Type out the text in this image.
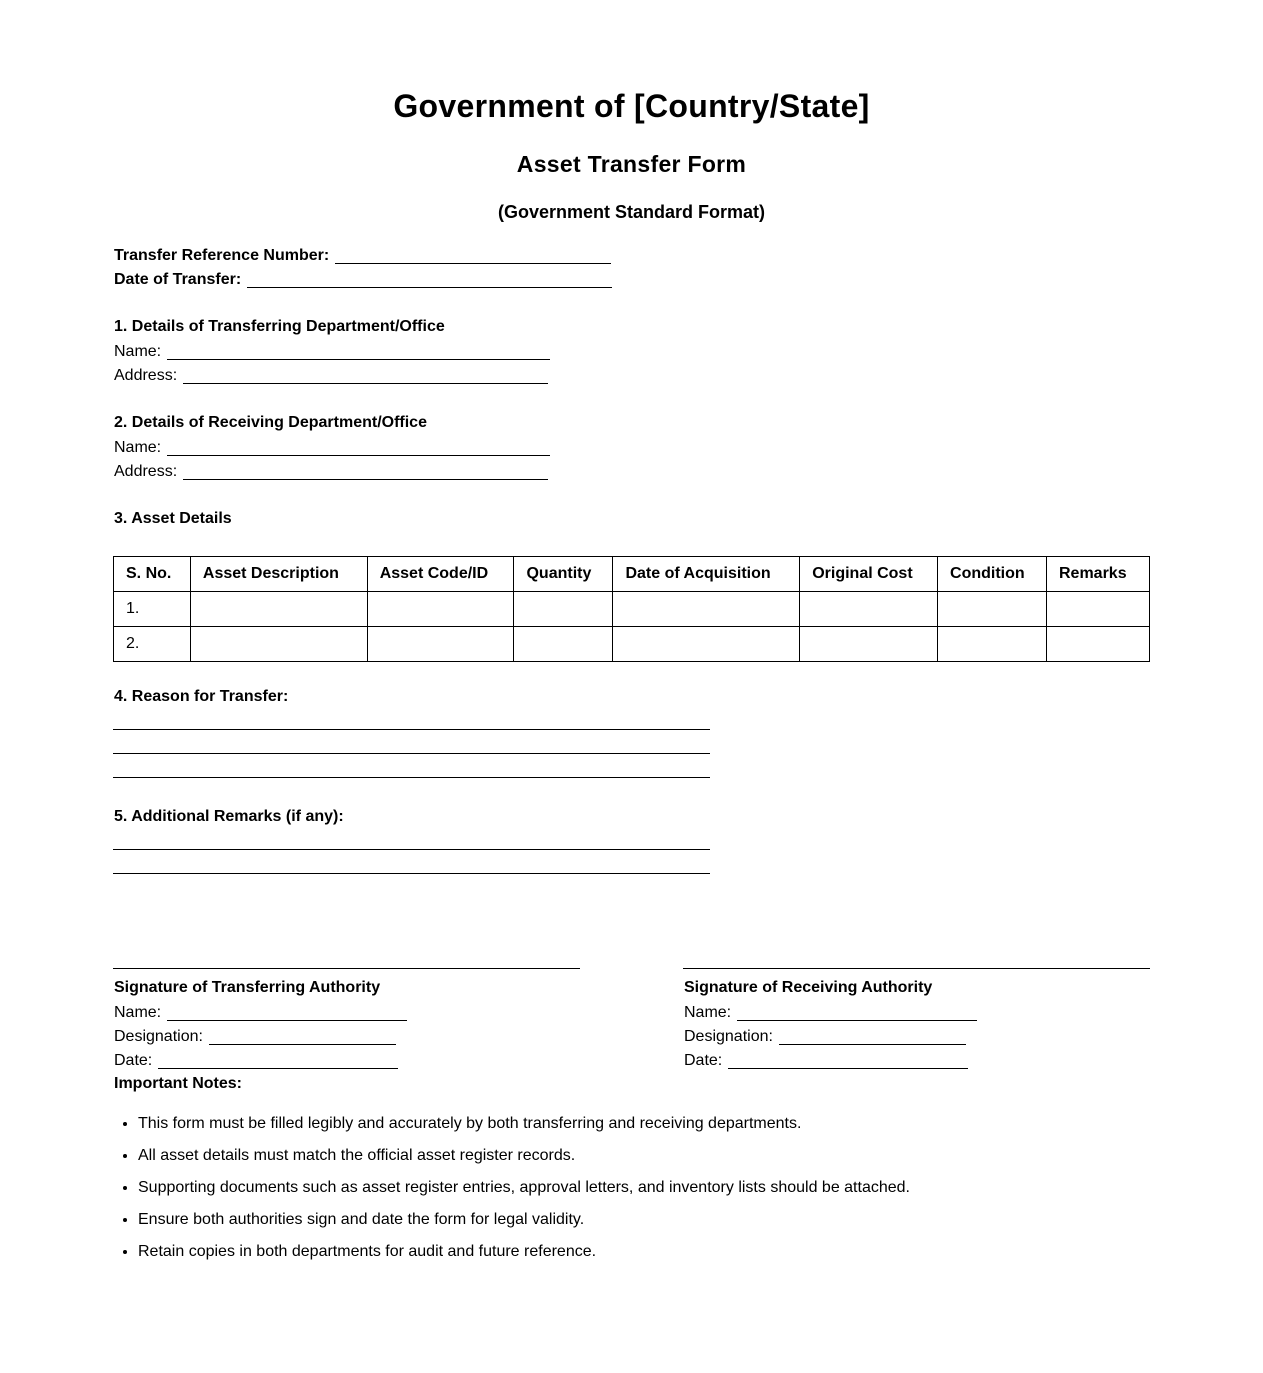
Government of [Country/State]
Asset Transfer Form
(Government Standard Format)
Transfer Reference Number:
Date of Transfer:
1. Details of Transferring Department/Office
Name:
Address:
2. Details of Receiving Department/Office
Name:
Address:
3. Asset Details
S. No.	Asset Description	Asset Code/ID	Quantity	Date of Acquisition	Original Cost	Condition	Remarks
1.							
2.							
4. Reason for Transfer:
5. Additional Remarks (if any):
Signature of Transferring Authority
Name:
Designation:
Date:
Signature of Receiving Authority
Name:
Designation:
Date:
Important Notes:
• This form must be filled legibly and accurately by both transferring and receiving departments.
• All asset details must match the official asset register records.
• Supporting documents such as asset register entries, approval letters, and inventory lists should be attached.
• Ensure both authorities sign and date the form for legal validity.
• Retain copies in both departments for audit and future reference.
